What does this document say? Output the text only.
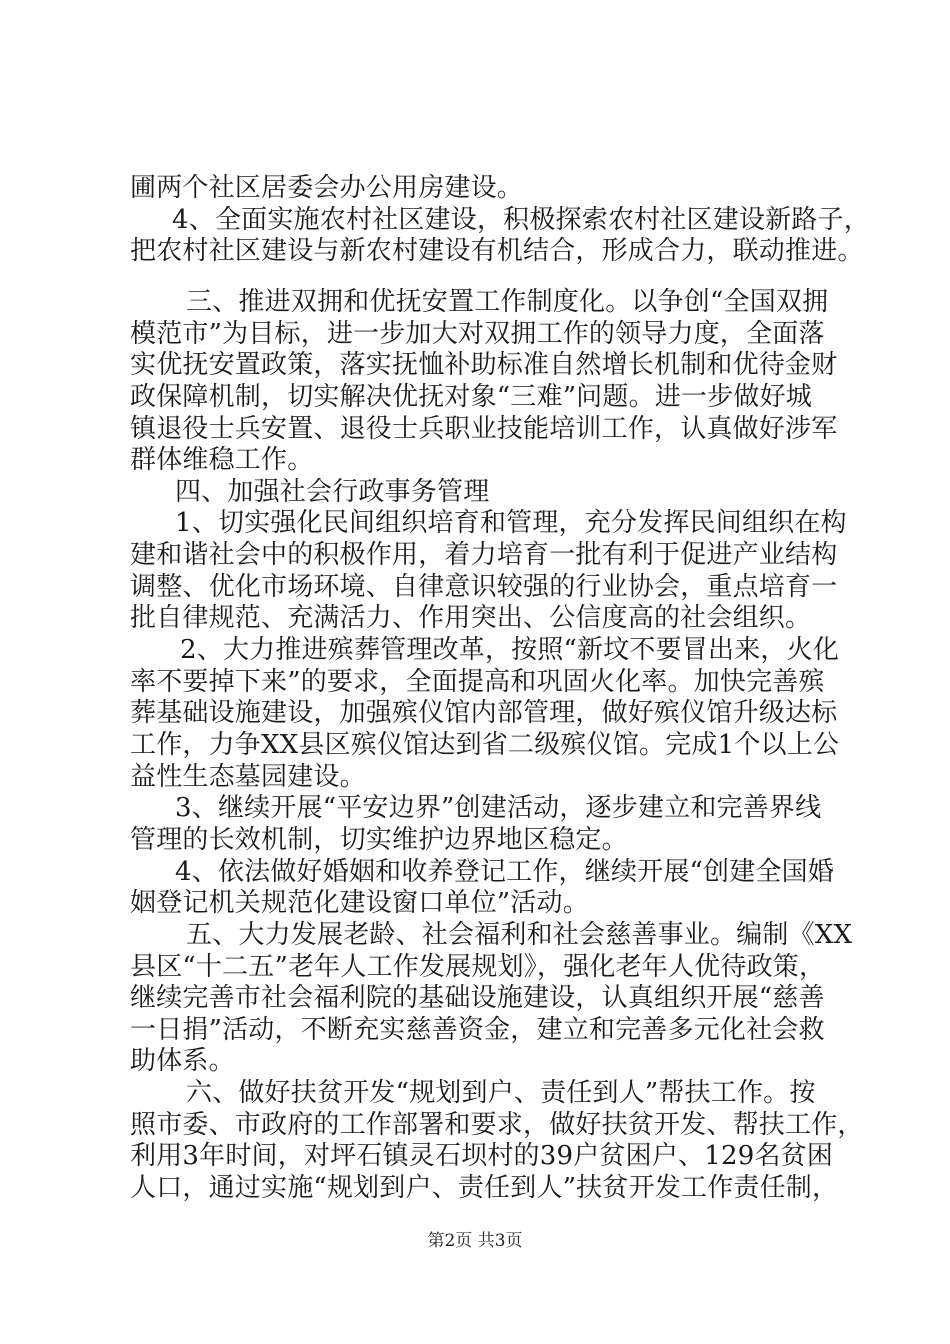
圃两个社区居委会办公用房建设。
4、全面实施农村社区建设，积极探索农村社区建设新路子，
把农村社区建设与新农村建设有机结合，形成合力，联动推进。
三、推进双拥和优抚安置工作制度化。以争创“全国双拥
模范市”为目标，进一步加大对双拥工作的领导力度，全面落
实优抚安置政策，落实抚恤补助标准自然增长机制和优待金财
政保障机制，切实解决优抚对象“三难”问题。进一步做好城
镇退役士兵安置、退役士兵职业技能培训工作，认真做好涉军
群体维稳工作。
四、加强社会行政事务管理
1、切实强化民间组织培育和管理，充分发挥民间组织在构
建和谐社会中的积极作用，着力培育一批有利于促进产业结构
调整、优化市场环境、自律意识较强的行业协会，重点培育一
批自律规范、充满活力、作用突出、公信度高的社会组织。
2、大力推进殡葬管理改革，按照“新坟不要冒出来，火化
率不要掉下来”的要求，全面提高和巩固火化率。加快完善殡
葬基础设施建设，加强殡仪馆内部管理，做好殡仪馆升级达标
工作，力争XX县区殡仪馆达到省二级殡仪馆。完成1个以上公
益性生态墓园建设。
3、继续开展“平安边界”创建活动，逐步建立和完善界线
管理的长效机制，切实维护边界地区稳定。
4、依法做好婚姻和收养登记工作，继续开展“创建全国婚
姻登记机关规范化建设窗口单位”活动。
五、大力发展老龄、社会福利和社会慈善事业。编制《XX
县区“十二五”老年人工作发展规划》，强化老年人优待政策，
继续完善市社会福利院的基础设施建设，认真组织开展“慈善
一日捐”活动，不断充实慈善资金，建立和完善多元化社会救
助体系。
六、做好扶贫开发“规划到户、责任到人”帮扶工作。按
照市委、市政府的工作部署和要求，做好扶贫开发、帮扶工作，
利用3年时间，对坪石镇灵石坝村的39户贫困户、129名贫困
人口，通过实施“规划到户、责任到人”扶贫开发工作责任制，
第2页 共3页
